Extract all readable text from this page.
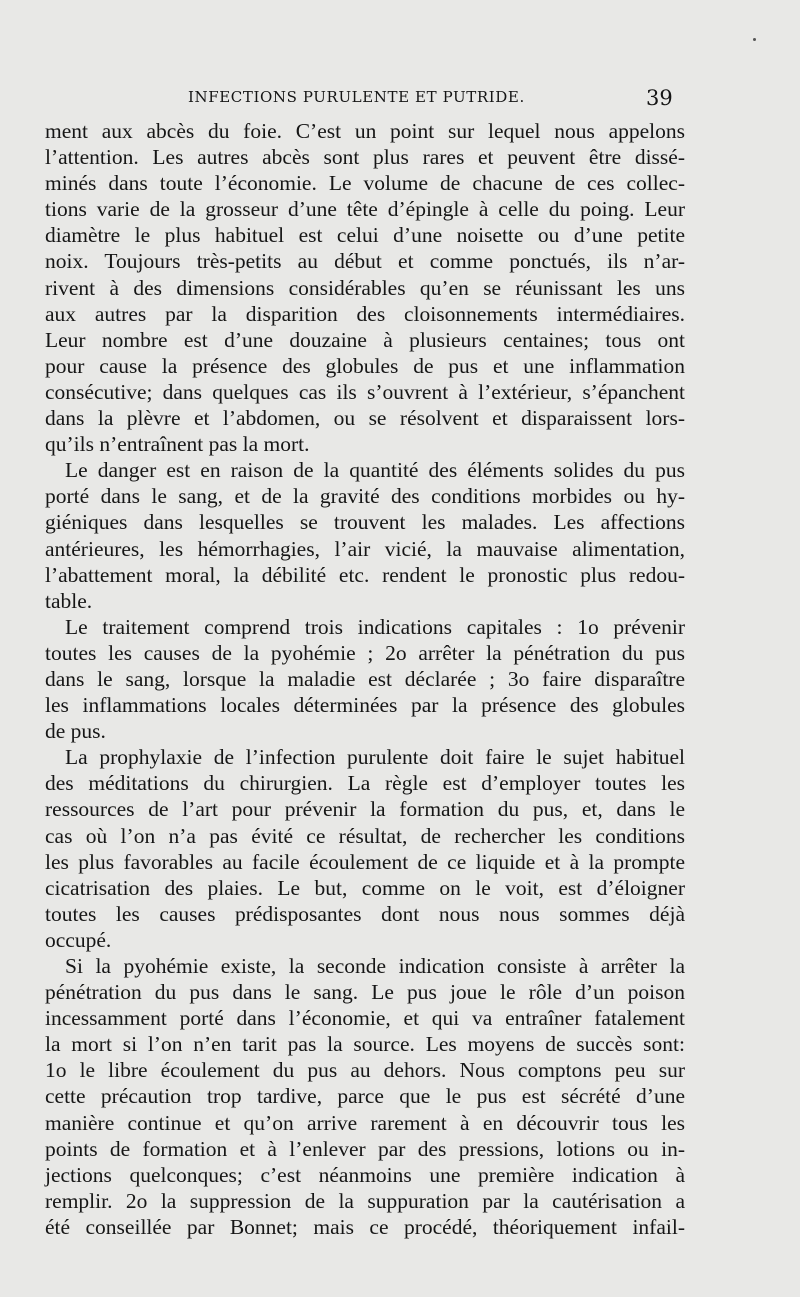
INFECTIONS PURULENTE ET PUTRIDE.	39
ment aux abcès du foie. C’est un point sur lequel nous appelons
l’attention. Les autres abcès sont plus rares et peuvent être dissé-
minés dans toute l’économie. Le volume de chacune de ces collec-
tions varie de la grosseur d’une tête d’épingle à celle du poing. Leur
diamètre le plus habituel est celui d’une noisette ou d’une petite
noix. Toujours très-petits au début et comme ponctués, ils n’ar-
rivent à des dimensions considérables qu’en se réunissant les uns
aux autres par la disparition des cloisonnements intermédiaires.
Leur nombre est d’une douzaine à plusieurs centaines; tous ont
pour cause la présence des globules de pus et une inflammation
consécutive; dans quelques cas ils s’ouvrent à l’extérieur, s’épanchent
dans la plèvre et l’abdomen, ou se résolvent et disparaissent lors-
qu’ils n’entraînent pas la mort.
Le danger est en raison de la quantité des éléments solides du pus
porté dans le sang, et de la gravité des conditions morbides ou hy-
giéniques dans lesquelles se trouvent les malades. Les affections
antérieures, les hémorrhagies, l’air vicié, la mauvaise alimentation,
l’abattement moral, la débilité etc. rendent le pronostic plus redou-
table.
Le traitement comprend trois indications capitales : 1o prévenir
toutes les causes de la pyohémie ; 2o arrêter la pénétration du pus
dans le sang, lorsque la maladie est déclarée ; 3o faire disparaître
les inflammations locales déterminées par la présence des globules
de pus.
La prophylaxie de l’infection purulente doit faire le sujet habituel
des méditations du chirurgien. La règle est d’employer toutes les
ressources de l’art pour prévenir la formation du pus, et, dans le
cas où l’on n’a pas évité ce résultat, de rechercher les conditions
les plus favorables au facile écoulement de ce liquide et à la prompte
cicatrisation des plaies. Le but, comme on le voit, est d’éloigner
toutes les causes prédisposantes dont nous nous sommes déjà
occupé.
Si la pyohémie existe, la seconde indication consiste à arrêter la
pénétration du pus dans le sang. Le pus joue le rôle d’un poison
incessamment porté dans l’économie, et qui va entraîner fatalement
la mort si l’on n’en tarit pas la source. Les moyens de succès sont:
1o le libre écoulement du pus au dehors. Nous comptons peu sur
cette précaution trop tardive, parce que le pus est sécrété d’une
manière continue et qu’on arrive rarement à en découvrir tous les
points de formation et à l’enlever par des pressions, lotions ou in-
jections quelconques; c’est néanmoins une première indication à
remplir. 2o la suppression de la suppuration par la cautérisation a
été conseillée par Bonnet; mais ce procédé, théoriquement infail-
